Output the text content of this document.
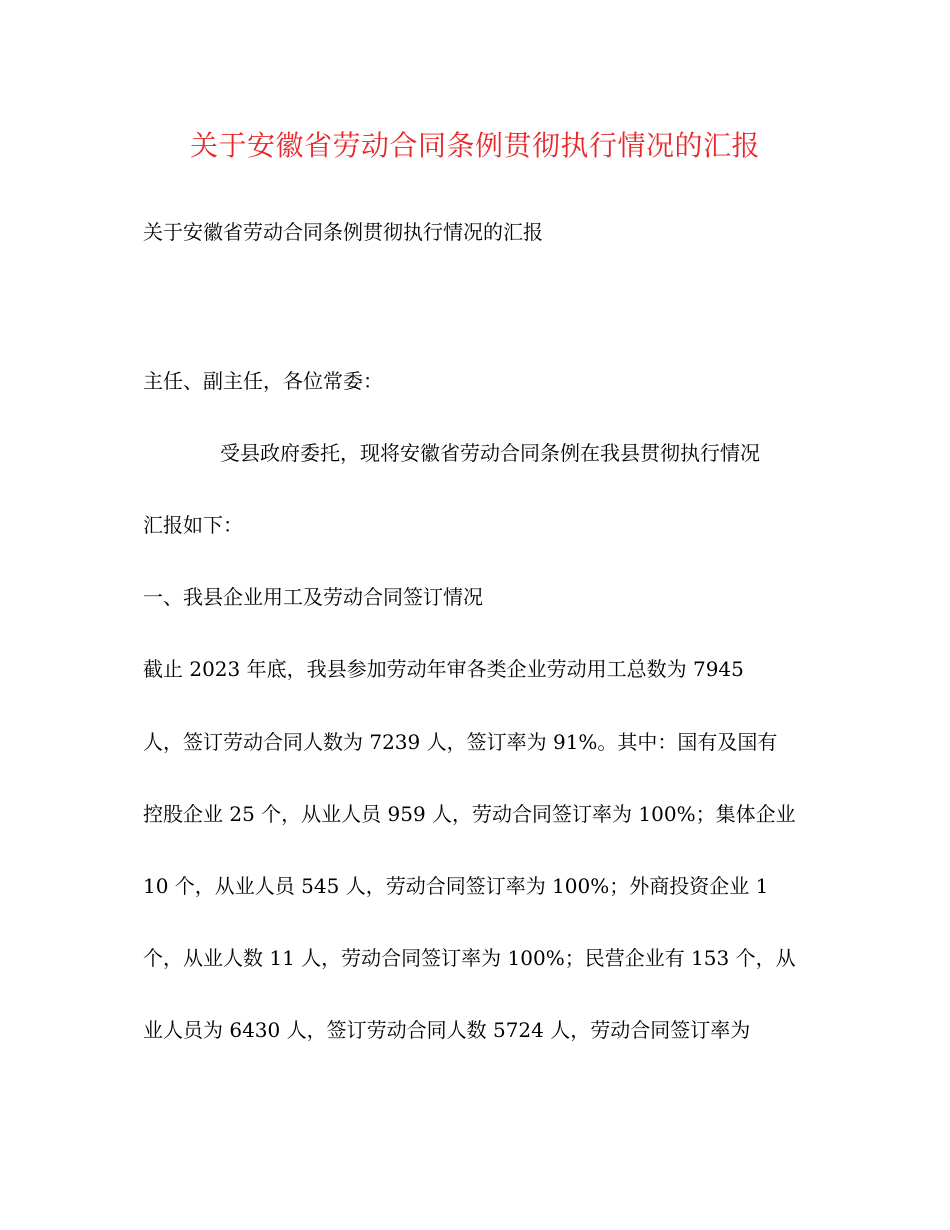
关于安徽省劳动合同条例贯彻执行情况的汇报
关于安徽省劳动合同条例贯彻执行情况的汇报
主任、副主任，各位常委：
受县政府委托，现将安徽省劳动合同条例在我县贯彻执行情况
汇报如下：
一、我县企业用工及劳动合同签订情况
截止 2023 年底，我县参加劳动年审各类企业劳动用工总数为 7945
人，签订劳动合同人数为 7239 人，签订率为 91%。其中：国有及国有
控股企业 25 个，从业人员 959 人，劳动合同签订率为 100%；集体企业
10 个，从业人员 545 人，劳动合同签订率为 100%；外商投资企业 1
个，从业人数 11 人，劳动合同签订率为 100%；民营企业有 153 个，从
业人员为 6430 人，签订劳动合同人数 5724 人，劳动合同签订率为
